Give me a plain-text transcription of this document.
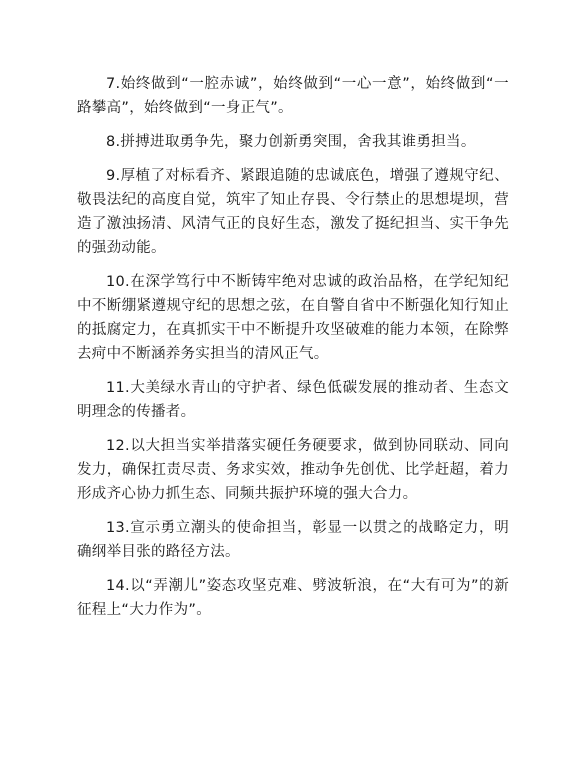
7.始终做到“一腔赤诚”，始终做到“一心一意”，始终做到“一路攀高”，始终做到“一身正气”。

8.拼搏进取勇争先，聚力创新勇突围，舍我其谁勇担当。

9.厚植了对标看齐、紧跟追随的忠诚底色，增强了遵规守纪、敬畏法纪的高度自觉，筑牢了知止存畏、令行禁止的思想堤坝，营造了激浊扬清、风清气正的良好生态，激发了挺纪担当、实干争先的强劲动能。

10.在深学笃行中不断铸牢绝对忠诚的政治品格，在学纪知纪中不断绷紧遵规守纪的思想之弦，在自警自省中不断强化知行知止的抵腐定力，在真抓实干中不断提升攻坚破难的能力本领，在除弊去疴中不断涵养务实担当的清风正气。

11.大美绿水青山的守护者、绿色低碳发展的推动者、生态文明理念的传播者。

12.以大担当实举措落实硬任务硬要求，做到协同联动、同向发力，确保扛责尽责、务求实效，推动争先创优、比学赶超，着力形成齐心协力抓生态、同频共振护环境的强大合力。

13.宣示勇立潮头的使命担当，彰显一以贯之的战略定力，明确纲举目张的路径方法。

14.以“弄潮儿”姿态攻坚克难、劈波斩浪，在“大有可为”的新征程上“大力作为”。
